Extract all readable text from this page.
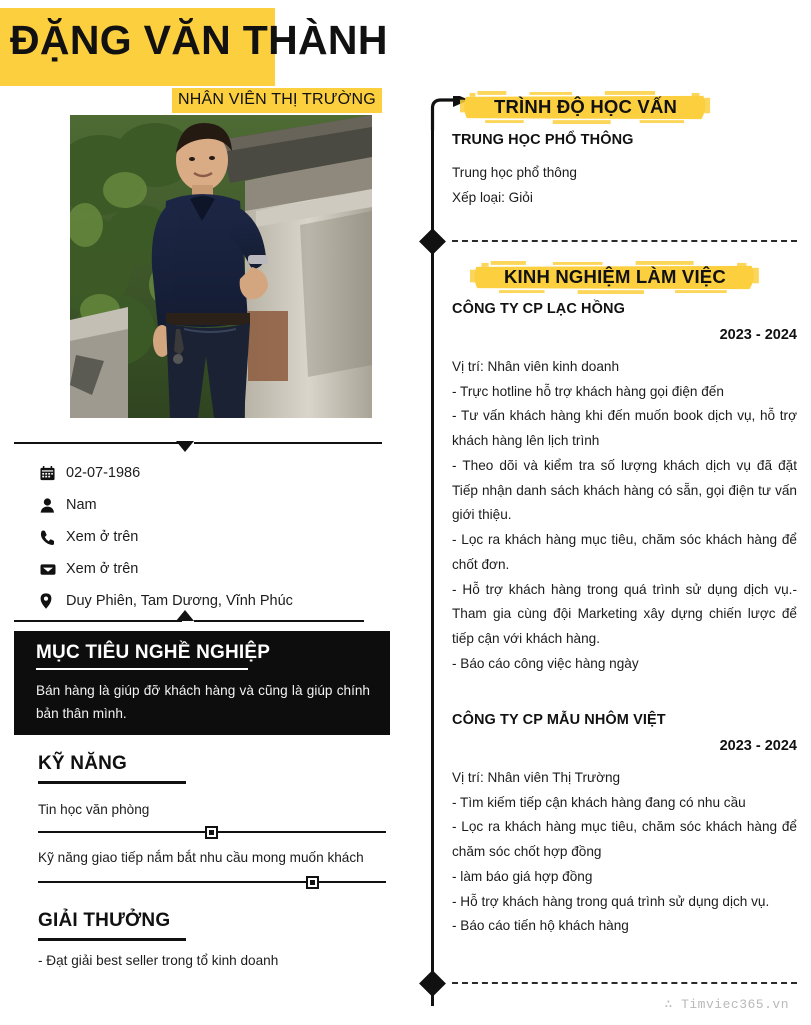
ĐẶNG VĂN THÀNH
NHÂN VIÊN THỊ TRƯỜNG
02-07-1986
Nam
Xem ở trên
Xem ở trên
Duy Phiên, Tam Dương, Vĩnh Phúc
MỤC TIÊU NGHỀ NGHIỆP

Bán hàng là giúp đỡ khách hàng và cũng là giúp chính bản thân mình.

KỸ NĂNG
Tin học văn phòng
Kỹ năng giao tiếp nắm bắt nhu cầu mong muốn khách
GIẢI THƯỞNG
- Đạt giải best seller trong tổ kinh doanh
TRÌNH ĐỘ HỌC VẤN
TRUNG HỌC PHỔ THÔNG
Trung học phổ thông
Xếp loại: Giỏi
KINH NGHIỆM LÀM VIỆC
CÔNG TY CP LẠC HỒNG
2023 - 2024
Vị trí: Nhân viên kinh doanh
- Trực hotline hỗ trợ khách hàng gọi điện đến
- Tư vấn khách hàng khi đến muốn book dịch vụ, hỗ trợ khách hàng lên lịch trình
- Theo dõi và kiểm tra số lượng khách dịch vụ đã đặt Tiếp nhận danh sách khách hàng có sẵn, gọi điện tư vấn giới thiệu.
- Lọc ra khách hàng mục tiêu, chăm sóc khách hàng để chốt đơn.
- Hỗ trợ khách hàng trong quá trình sử dụng dịch vụ.- Tham gia cùng đội Marketing xây dựng chiến lược để tiếp cận với khách hàng.
- Báo cáo công việc hàng ngày
CÔNG TY CP MẪU NHÔM VIỆT
2023 - 2024
Vị trí: Nhân viên Thị Trường
- Tìm kiếm tiếp cận khách hàng đang có nhu cầu
- Lọc ra khách hàng mục tiêu, chăm sóc khách hàng để chăm sóc chốt hợp đồng
- làm báo giá hợp đồng
- Hỗ trợ khách hàng trong quá trình sử dụng dịch vụ.
- Báo cáo tiến hộ khách hàng
∴ Timviec365.vn
